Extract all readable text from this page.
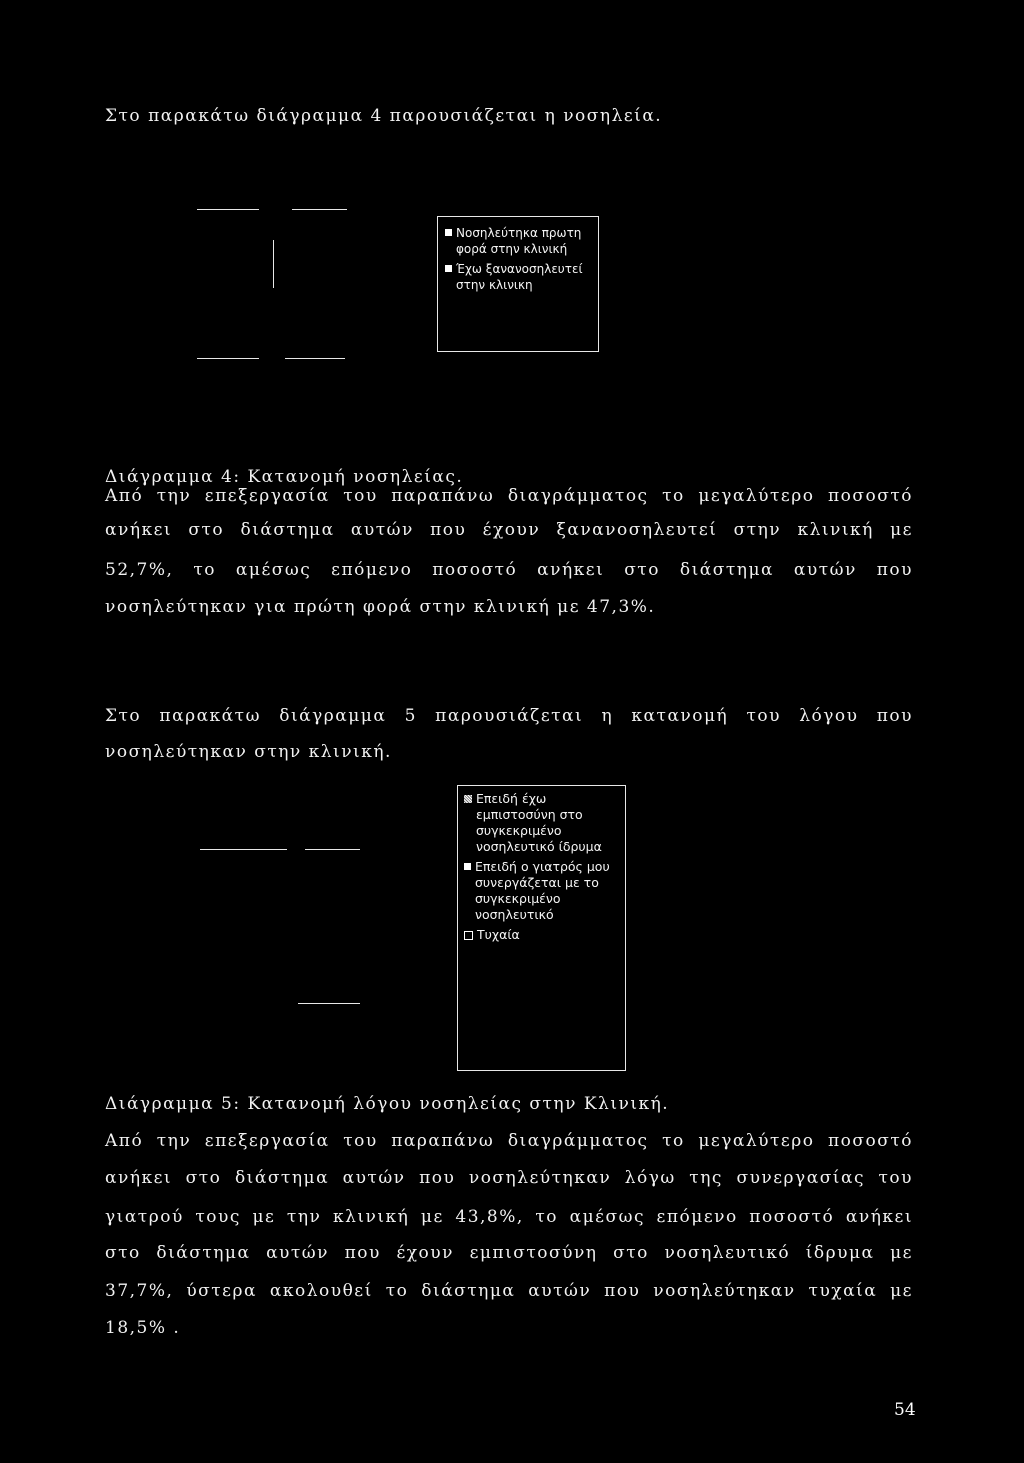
Στο παρακάτω διάγραμμα 4 παρουσιάζεται η νοσηλεία.
Νοσηλεύτηκα πρωτη φορά στην κλινική
Έχω ξανανοσηλευτεί στην κλινικη
Διάγραμμα 4: Κατανομή νοσηλείας.
Από την επεξεργασία του παραπάνω διαγράμματος το μεγαλύτερο ποσοστό
ανήκει στο διάστημα αυτών που έχουν ξανανοσηλευτεί στην κλινική με
52,7%, το αμέσως επόμενο ποσοστό ανήκει στο διάστημα αυτών που
νοσηλεύτηκαν για πρώτη φορά στην κλινική με 47,3%.
Στο παρακάτω διάγραμμα 5 παρουσιάζεται η κατανομή του λόγου που
νοσηλεύτηκαν στην κλινική.
Επειδή έχω εμπιστοσύνη στο συγκεκριμένο νοσηλευτικό ίδρυμα
Επειδή ο γιατρός μου συνεργάζεται με το συγκεκριμένο νοσηλευτικό
Τυχαία
Διάγραμμα 5: Κατανομή λόγου νοσηλείας στην Κλινική.
Από την επεξεργασία του παραπάνω διαγράμματος το μεγαλύτερο ποσοστό
ανήκει στο διάστημα αυτών που νοσηλεύτηκαν λόγω της συνεργασίας του
γιατρού τους με την κλινική με 43,8%, το αμέσως επόμενο ποσοστό ανήκει
στο διάστημα αυτών που έχουν εμπιστοσύνη στο νοσηλευτικό ίδρυμα με
37,7%, ύστερα ακολουθεί το διάστημα αυτών που νοσηλεύτηκαν τυχαία με
18,5% .
54
